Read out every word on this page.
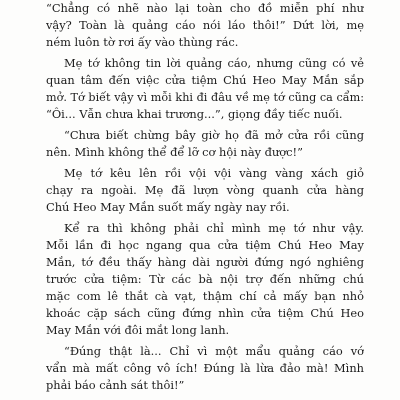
“Chẳng có nhẽ nào lại toàn cho đồ miễn phí như
vậy? Toàn là quảng cáo nói láo thôi!” Dứt lời, mẹ
ném luôn tờ rơi ấy vào thùng rác.
Mẹ tớ không tin lời quảng cáo, nhưng cũng có vẻ
quan tâm đến việc cửa tiệm Chú Heo May Mắn sắp
mở. Tớ biết vậy vì mỗi khi đi đâu về mẹ tớ cũng ca cẩm:
“Ôi... Vẫn chưa khai trương...”, giọng đầy tiếc nuối.
“Chưa biết chừng bây giờ họ đã mở cửa rồi cũng
nên. Mình không thể để lỡ cơ hội này được!”
Mẹ tớ kêu lên rồi vội vội vàng vàng xách giỏ
chạy ra ngoài. Mẹ đã lượn vòng quanh cửa hàng
Chú Heo May Mắn suốt mấy ngày nay rồi.
Kể ra thì không phải chỉ mình mẹ tớ như vậy.
Mỗi lần đi học ngang qua cửa tiệm Chú Heo May
Mắn, tớ đều thấy hàng dài người đứng ngó nghiêng
trước cửa tiệm: Từ các bà nội trợ đến những chú
mặc com lê thắt cà vạt, thậm chí cả mấy bạn nhỏ
khoác cặp sách cũng đứng nhìn cửa tiệm Chú Heo
May Mắn với đôi mắt long lanh.
“Đúng thật là... Chỉ vì một mẩu quảng cáo vớ
vẩn mà mất công vô ích! Đúng là lừa đảo mà! Mình
phải báo cảnh sát thôi!”
